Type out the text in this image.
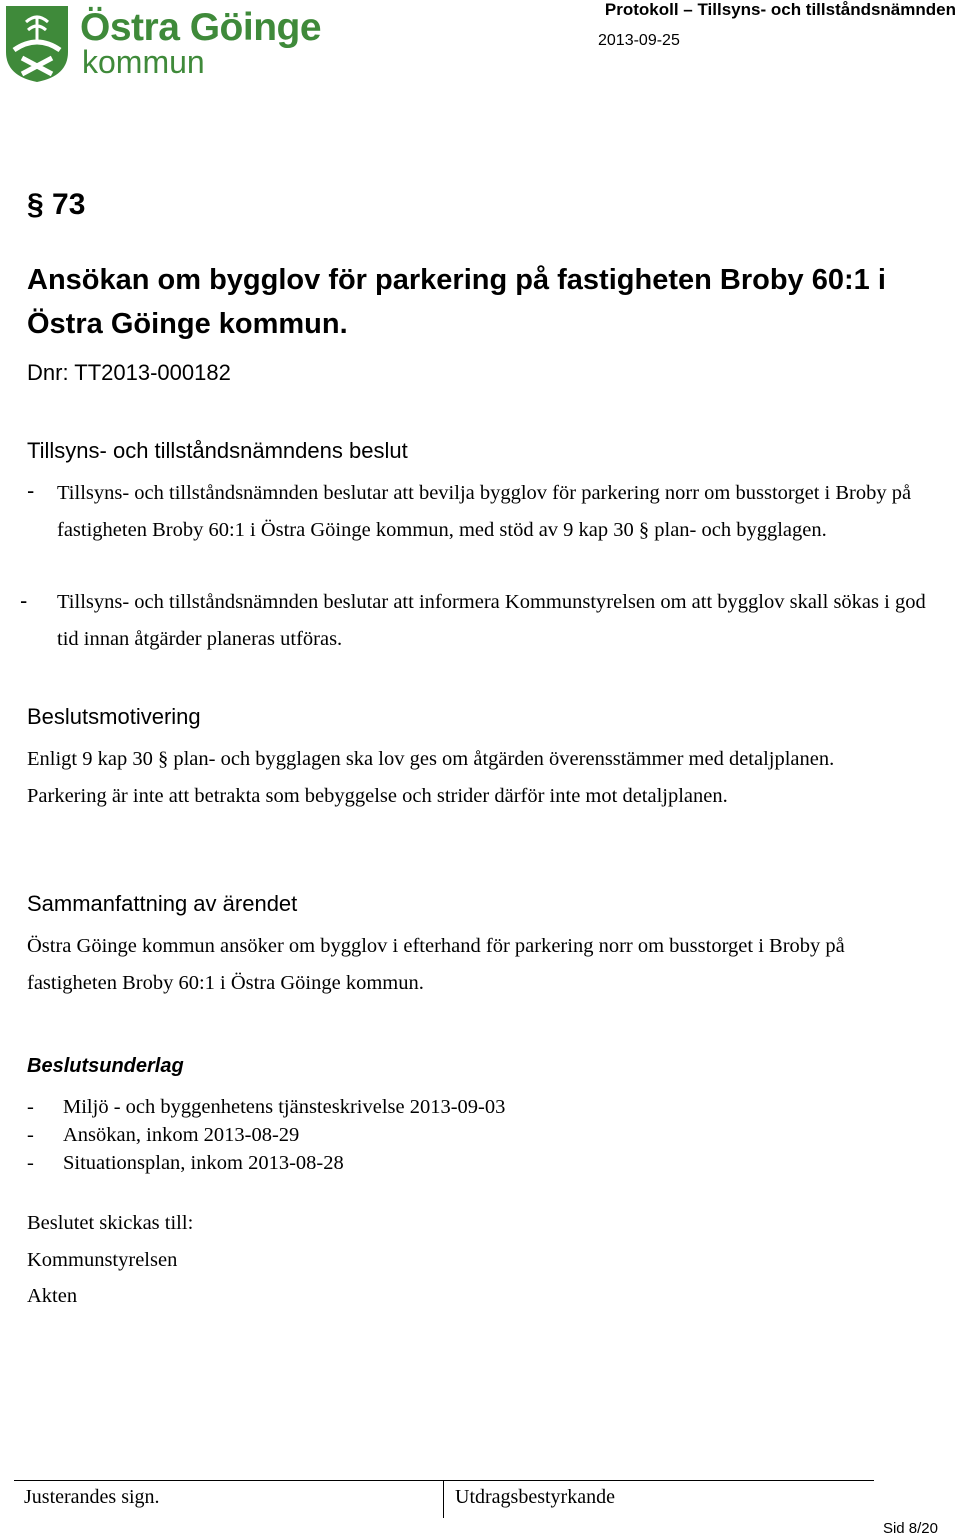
Östra Göinge
kommun
Protokoll – Tillsyns- och tillståndsnämnden
2013-09-25
§ 73
Ansökan om bygglov för parkering på fastigheten Broby 60:1 i Östra Göinge kommun.
Dnr: TT2013-000182
Tillsyns- och tillståndsnämndens beslut
- Tillsyns- och tillståndsnämnden beslutar att bevilja bygglov för parkering norr om busstorget i Broby på fastigheten Broby 60:1 i Östra Göinge kommun, med stöd av 9 kap 30 § plan- och bygglagen.
- Tillsyns- och tillståndsnämnden beslutar att informera Kommunstyrelsen om att bygglov skall sökas i god tid innan åtgärder planeras utföras.
Beslutsmotivering
Enligt 9 kap 30 § plan- och bygglagen ska lov ges om åtgärden överensstämmer med detaljplanen. Parkering är inte att betrakta som bebyggelse och strider därför inte mot detaljplanen.
Sammanfattning av ärendet
Östra Göinge kommun ansöker om bygglov i efterhand för parkering norr om busstorget i Broby på fastigheten Broby 60:1 i Östra Göinge kommun.
Beslutsunderlag
- Miljö - och byggenhetens tjänsteskrivelse 2013-09-03
- Ansökan, inkom 2013-08-29
- Situationsplan, inkom 2013-08-28
Beslutet skickas till:
Kommunstyrelsen
Akten
Justerandes sign.	Utdragsbestyrkande
Sid 8/20
